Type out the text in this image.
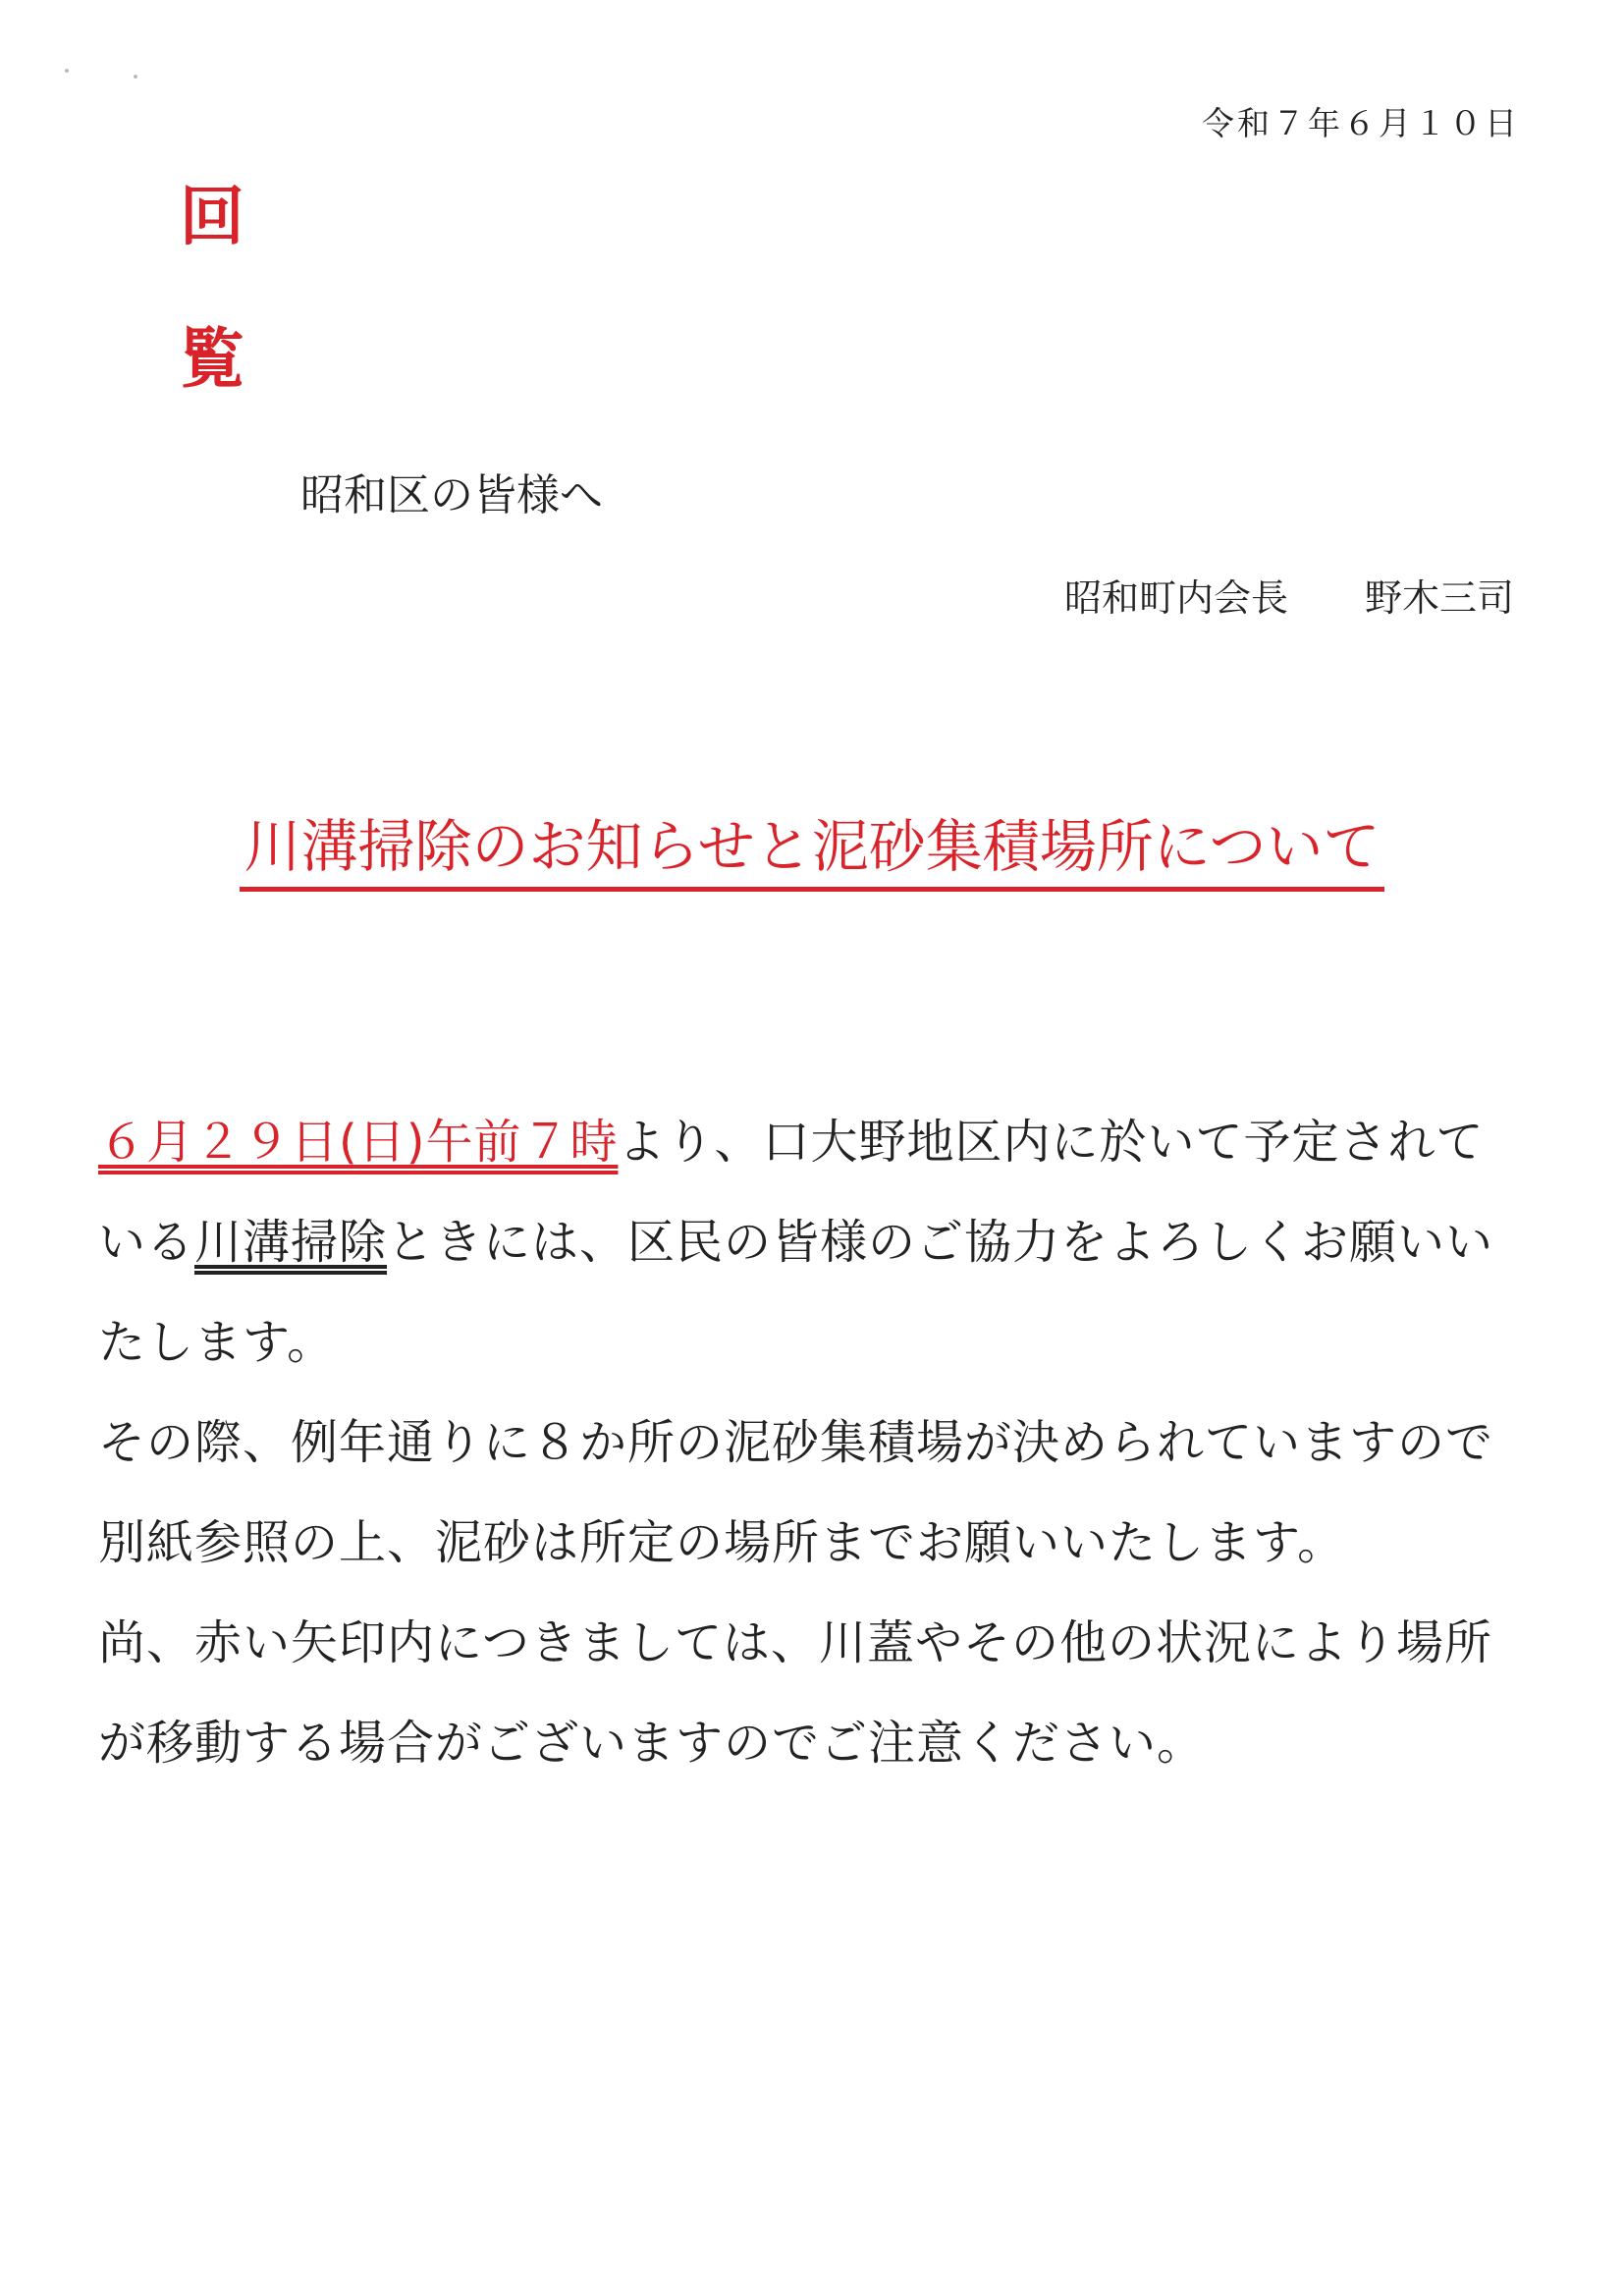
令和７年６月１０日
回
覧
昭和区の皆様へ
昭和町内会長 野木三司
川溝掃除のお知らせと泥砂集積場所について

６月２９日(日)午前７時より、口大野地区内に於いて予定されている川溝掃除ときには、区民の皆様のご協力をよろしくお願いいたします。

その際、例年通りに８か所の泥砂集積場が決められていますので別紙参照の上、泥砂は所定の場所までお願いいたします。

尚、赤い矢印内につきましては、川蓋やその他の状況により場所が移動する場合がございますのでご注意ください。
